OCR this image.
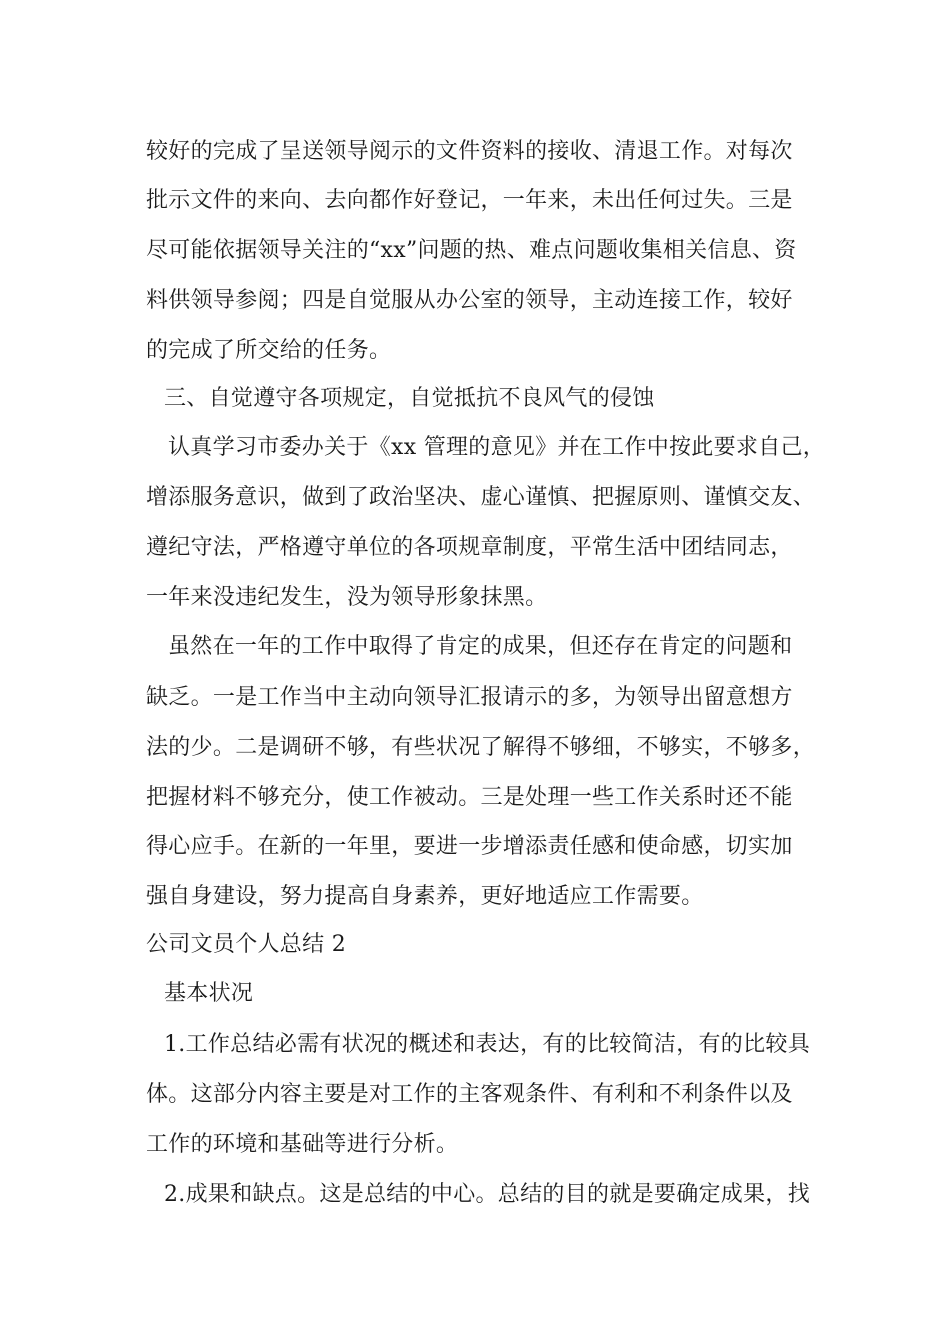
较好的完成了呈送领导阅示的文件资料的接收、清退工作。对每次
批示文件的来向、去向都作好登记，一年来，未出任何过失。三是
尽可能依据领导关注的“xx”问题的热、难点问题收集相关信息、资
料供领导参阅；四是自觉服从办公室的领导，主动连接工作，较好
的完成了所交给的任务。
三、自觉遵守各项规定，自觉抵抗不良风气的侵蚀
认真学习市委办关于《xx 管理的意见》并在工作中按此要求自己，
增添服务意识，做到了政治坚决、虚心谨慎、把握原则、谨慎交友、
遵纪守法，严格遵守单位的各项规章制度，平常生活中团结同志，
一年来没违纪发生，没为领导形象抹黑。
虽然在一年的工作中取得了肯定的成果，但还存在肯定的问题和
缺乏。一是工作当中主动向领导汇报请示的多，为领导出留意想方
法的少。二是调研不够，有些状况了解得不够细，不够实，不够多，
把握材料不够充分，使工作被动。三是处理一些工作关系时还不能
得心应手。在新的一年里，要进一步增添责任感和使命感，切实加
强自身建设，努力提高自身素养，更好地适应工作需要。
公司文员个人总结 2
基本状况
1.工作总结必需有状况的概述和表达，有的比较简洁，有的比较具
体。这部分内容主要是对工作的主客观条件、有利和不利条件以及
工作的环境和基础等进行分析。
2.成果和缺点。这是总结的中心。总结的目的就是要确定成果，找
